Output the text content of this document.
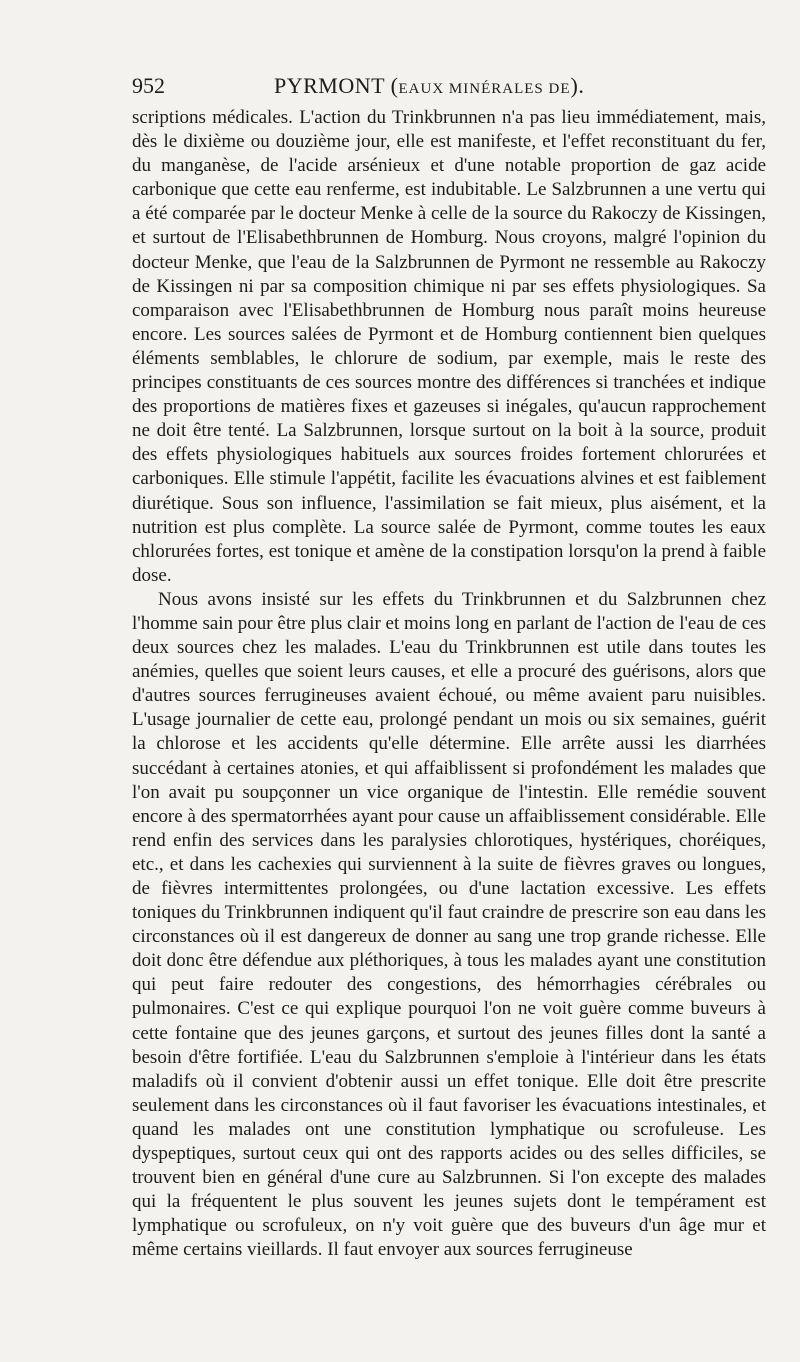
952	PYRMONT (EAUX MINÉRALES DE).

scriptions médicales. L'action du Trinkbrunnen n'a pas lieu immédiatement, mais, dès le dixième ou douzième jour, elle est manifeste, et l'effet reconstituant du fer, du manganèse, de l'acide arsénieux et d'une notable proportion de gaz acide carbonique que cette eau renferme, est indubitable. Le Salzbrunnen a une vertu qui a été comparée par le docteur Menke à celle de la source du Rakoczy de Kissingen, et surtout de l'Elisabethbrunnen de Homburg. Nous croyons, malgré l'opinion du docteur Menke, que l'eau de la Salzbrunnen de Pyrmont ne ressemble au Rakoczy de Kissingen ni par sa composition chimique ni par ses effets physiologiques. Sa comparaison avec l'Elisabethbrunnen de Homburg nous paraît moins heureuse encore. Les sources salées de Pyrmont et de Homburg contiennent bien quelques éléments semblables, le chlorure de sodium, par exemple, mais le reste des principes constituants de ces sources montre des différences si tranchées et indique des proportions de matières fixes et gazeuses si inégales, qu'aucun rapprochement ne doit être tenté. La Salzbrunnen, lorsque surtout on la boit à la source, produit des effets physiologiques habituels aux sources froides fortement chlorurées et carboniques. Elle stimule l'appétit, facilite les évacuations alvines et est faiblement diurétique. Sous son influence, l'assimilation se fait mieux, plus aisément, et la nutrition est plus complète. La source salée de Pyrmont, comme toutes les eaux chlorurées fortes, est tonique et amène de la constipation lorsqu'on la prend à faible dose.

Nous avons insisté sur les effets du Trinkbrunnen et du Salzbrunnen chez l'homme sain pour être plus clair et moins long en parlant de l'action de l'eau de ces deux sources chez les malades. L'eau du Trinkbrunnen est utile dans toutes les anémies, quelles que soient leurs causes, et elle a procuré des guérisons, alors que d'autres sources ferrugineuses avaient échoué, ou même avaient paru nuisibles. L'usage journalier de cette eau, prolongé pendant un mois ou six semaines, guérit la chlorose et les accidents qu'elle détermine. Elle arrête aussi les diarrhées succédant à certaines atonies, et qui affaiblissent si profondément les malades que l'on avait pu soupçonner un vice organique de l'intestin. Elle remédie souvent encore à des spermatorrhées ayant pour cause un affaiblissement considérable. Elle rend enfin des services dans les paralysies chlorotiques, hystériques, choréiques, etc., et dans les cachexies qui surviennent à la suite de fièvres graves ou longues, de fièvres intermittentes prolongées, ou d'une lactation excessive. Les effets toniques du Trinkbrunnen indiquent qu'il faut craindre de prescrire son eau dans les circonstances où il est dangereux de donner au sang une trop grande richesse. Elle doit donc être défendue aux pléthoriques, à tous les malades ayant une constitution qui peut faire redouter des congestions, des hémorrhagies cérébrales ou pulmonaires. C'est ce qui explique pourquoi l'on ne voit guère comme buveurs à cette fontaine que des jeunes garçons, et surtout des jeunes filles dont la santé a besoin d'être fortifiée. L'eau du Salzbrunnen s'emploie à l'intérieur dans les états maladifs où il convient d'obtenir aussi un effet tonique. Elle doit être prescrite seulement dans les circonstances où il faut favoriser les évacuations intestinales, et quand les malades ont une constitution lymphatique ou scrofuleuse. Les dyspeptiques, surtout ceux qui ont des rapports acides ou des selles difficiles, se trouvent bien en général d'une cure au Salzbrunnen. Si l'on excepte des malades qui la fréquentent le plus souvent les jeunes sujets dont le tempérament est lymphatique ou scrofuleux, on n'y voit guère que des buveurs d'un âge mur et même certains vieillards. Il faut envoyer aux sources ferrugineuse
